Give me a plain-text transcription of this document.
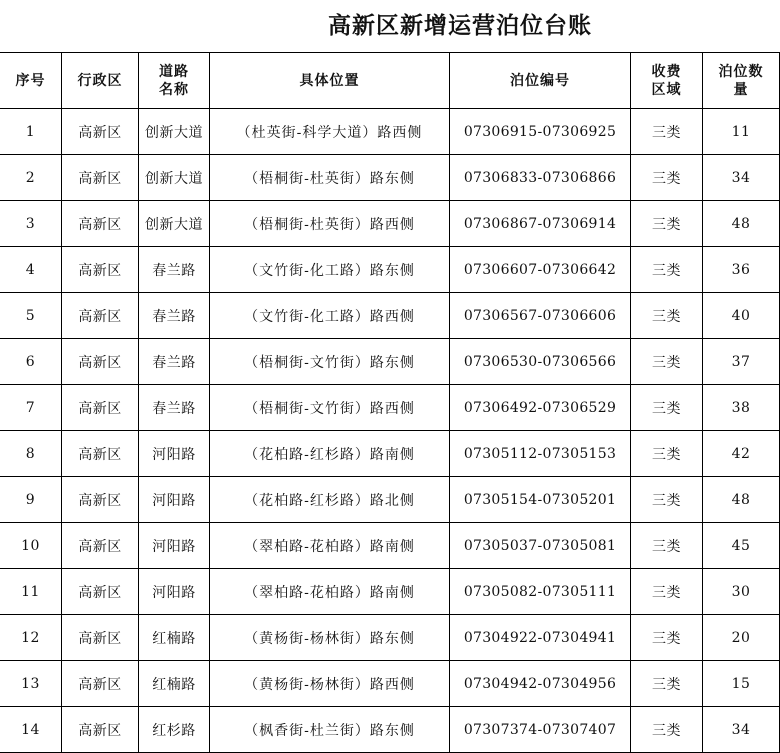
高新区新增运营泊位台账
序号	行政区	道路名称	具体位置	泊位编号	收费区域	泊位数量
1	高新区	创新大道	（杜英街-科学大道）路西侧	07306915-07306925	三类	11
2	高新区	创新大道	（梧桐街-杜英街）路东侧	07306833-07306866	三类	34
3	高新区	创新大道	（梧桐街-杜英街）路西侧	07306867-07306914	三类	48
4	高新区	春兰路	（文竹街-化工路）路东侧	07306607-07306642	三类	36
5	高新区	春兰路	（文竹街-化工路）路西侧	07306567-07306606	三类	40
6	高新区	春兰路	（梧桐街-文竹街）路东侧	07306530-07306566	三类	37
7	高新区	春兰路	（梧桐街-文竹街）路西侧	07306492-07306529	三类	38
8	高新区	河阳路	（花柏路-红杉路）路南侧	07305112-07305153	三类	42
9	高新区	河阳路	（花柏路-红杉路）路北侧	07305154-07305201	三类	48
10	高新区	河阳路	（翠柏路-花柏路）路南侧	07305037-07305081	三类	45
11	高新区	河阳路	（翠柏路-花柏路）路南侧	07305082-07305111	三类	30
12	高新区	红楠路	（黄杨街-杨林街）路东侧	07304922-07304941	三类	20
13	高新区	红楠路	（黄杨街-杨林街）路西侧	07304942-07304956	三类	15
14	高新区	红杉路	（枫香街-杜兰街）路东侧	07307374-07307407	三类	34
